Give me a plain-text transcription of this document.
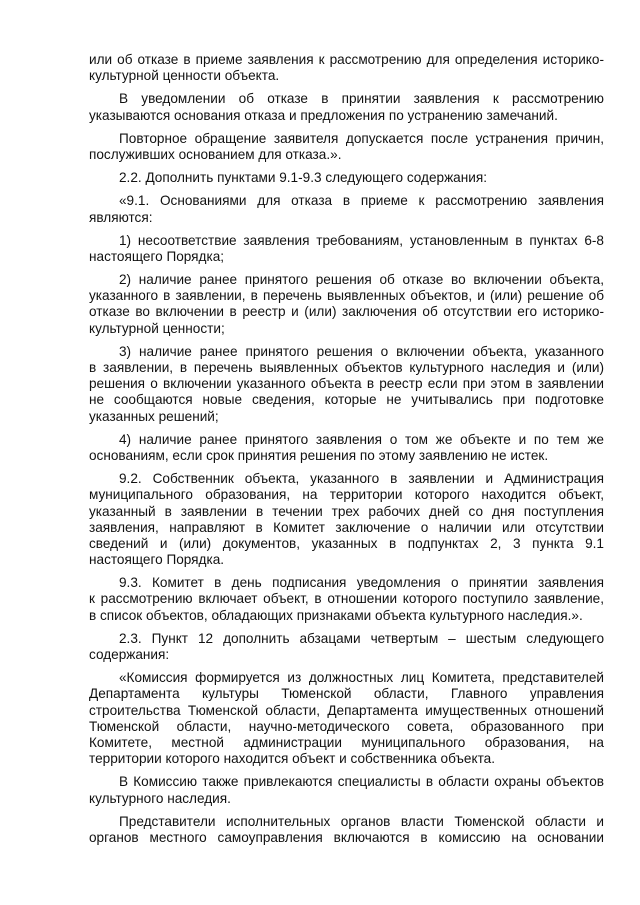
или об отказе в приеме заявления к рассмотрению для определения историко-
культурной ценности объекта.
В уведомлении об отказе в принятии заявления к рассмотрению
указываются основания отказа и предложения по устранению замечаний.
Повторное обращение заявителя допускается после устранения причин,
послуживших основанием для отказа.».
2.2. Дополнить пунктами 9.1-9.3 следующего содержания:
«9.1. Основаниями для отказа в приеме к рассмотрению заявления
являются:
1) несоответствие заявления требованиям, установленным в пунктах 6-8
настоящего Порядка;
2) наличие ранее принятого решения об отказе во включении объекта,
указанного в заявлении, в перечень выявленных объектов, и (или) решение об
отказе во включении в реестр и (или) заключения об отсутствии его историко-
культурной ценности;
3) наличие ранее принятого решения о включении объекта, указанного
в заявлении, в перечень выявленных объектов культурного наследия и (или)
решения о включении указанного объекта в реестр если при этом в заявлении
не сообщаются новые сведения, которые не учитывались при подготовке
указанных решений;
4) наличие ранее принятого заявления о том же объекте и по тем же
основаниям, если срок принятия решения по этому заявлению не истек.
9.2. Собственник объекта, указанного в заявлении и Администрация
муниципального образования, на территории которого находится объект,
указанный в заявлении в течении трех рабочих дней со дня поступления
заявления, направляют в Комитет заключение о наличии или отсутствии
сведений и (или) документов, указанных в подпунктах 2, 3 пункта 9.1
настоящего Порядка.
9.3. Комитет в день подписания уведомления о принятии заявления
к рассмотрению включает объект, в отношении которого поступило заявление,
в список объектов, обладающих признаками объекта культурного наследия.».
2.3. Пункт 12 дополнить абзацами четвертым – шестым следующего
содержания:
«Комиссия формируется из должностных лиц Комитета, представителей
Департамента культуры Тюменской области, Главного управления
строительства Тюменской области, Департамента имущественных отношений
Тюменской области, научно-методического совета, образованного при
Комитете, местной администрации муниципального образования, на
территории которого находится объект и собственника объекта.
В Комиссию также привлекаются специалисты в области охраны объектов
культурного наследия.
Представители исполнительных органов власти Тюменской области и
органов местного самоуправления включаются в комиссию на основании
